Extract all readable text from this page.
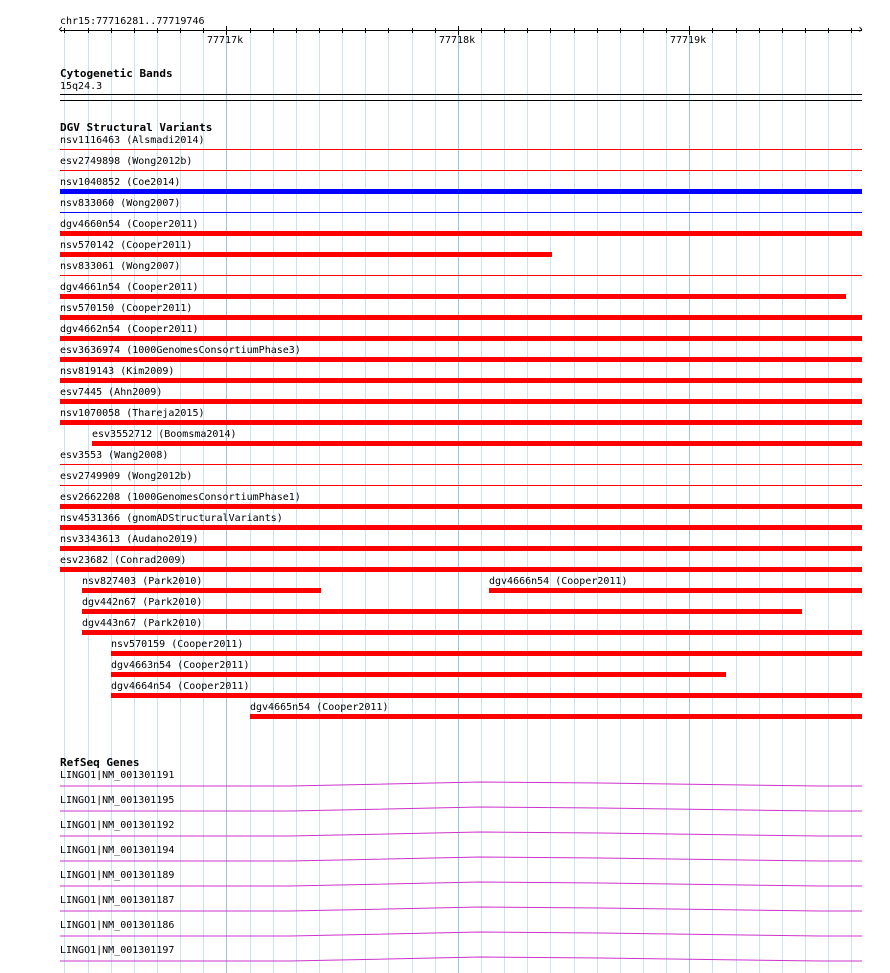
chr15:77716281..77719746
‹	›
77717k	77718k	77719k
Cytogenetic Bands
15q24.3
DGV Structural Variants
nsv1116463 (Alsmadi2014)
esv2749898 (Wong2012b)
nsv1040852 (Coe2014)
nsv833060 (Wong2007)
dgv4660n54 (Cooper2011)
nsv570142 (Cooper2011)
nsv833061 (Wong2007)
dgv4661n54 (Cooper2011)
nsv570150 (Cooper2011)
dgv4662n54 (Cooper2011)
esv3636974 (1000GenomesConsortiumPhase3)
nsv819143 (Kim2009)
esv7445 (Ahn2009)
nsv1070058 (Thareja2015)
esv3552712 (Boomsma2014)
esv3553 (Wang2008)
esv2749909 (Wong2012b)
esv2662208 (1000GenomesConsortiumPhase1)
nsv4531366 (gnomADStructuralVariants)
nsv3343613 (Audano2019)
esv23682 (Conrad2009)
nsv827403 (Park2010)	dgv4666n54 (Cooper2011)
dgv442n67 (Park2010)
dgv443n67 (Park2010)
nsv570159 (Cooper2011)
dgv4663n54 (Cooper2011)
dgv4664n54 (Cooper2011)
dgv4665n54 (Cooper2011)
RefSeq Genes
LINGO1|NM_001301191
LINGO1|NM_001301195
LINGO1|NM_001301192
LINGO1|NM_001301194
LINGO1|NM_001301189
LINGO1|NM_001301187
LINGO1|NM_001301186
LINGO1|NM_001301197
